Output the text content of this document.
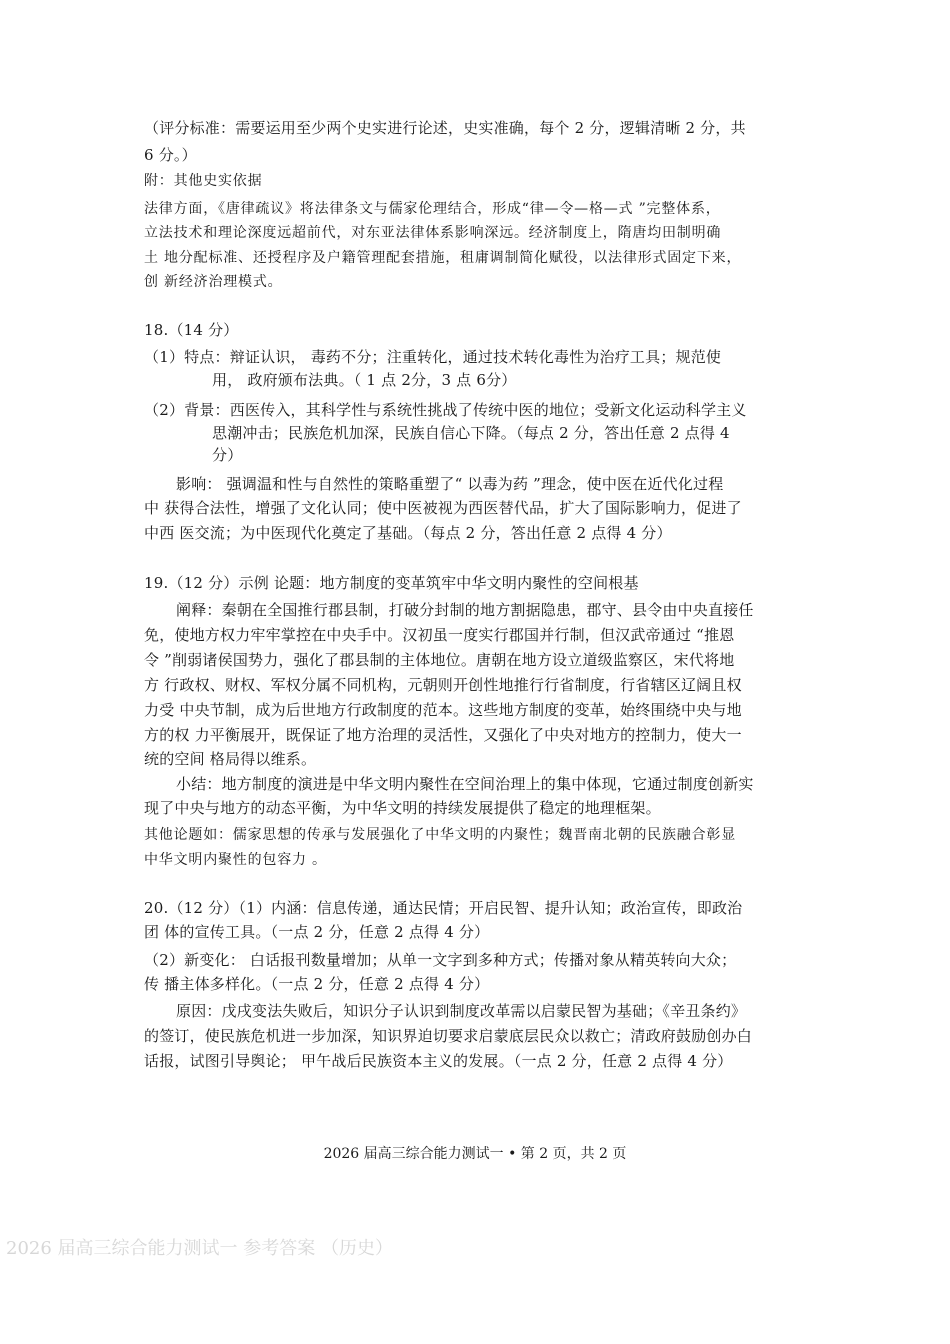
（评分标准：需要运用至少两个史实进行论述，史实准确，每个 2 分，逻辑清晰 2 分，共
6 分。）
附：其他史实依据
法律方面，《唐律疏议》将法律条文与儒家伦理结合，形成“律—令—格—式 ”完整体系，
立法技术和理论深度远超前代，对东亚法律体系影响深远。经济制度上，隋唐均田制明确
土 地分配标准、还授程序及户籍管理配套措施，租庸调制简化赋役，以法律形式固定下来，
创 新经济治理模式。
18.（14 分）
（1）特点：辩证认识， 毒药不分；注重转化，通过技术转化毒性为治疗工具；规范使
用， 政府颁布法典。（ 1 点 2分，3 点 6分）
（2）背景：西医传入，其科学性与系统性挑战了传统中医的地位；受新文化运动科学主义
思潮冲击；民族危机加深，民族自信心下降。（每点 2 分，答出任意 2 点得 4
分）
影响： 强调温和性与自然性的策略重塑了“ 以毒为药 ”理念，使中医在近代化过程
中 获得合法性，增强了文化认同；使中医被视为西医替代品，扩大了国际影响力，促进了
中西 医交流；为中医现代化奠定了基础。（每点 2 分，答出任意 2 点得 4 分）
19.（12 分）示例 论题：地方制度的变革筑牢中华文明内聚性的空间根基
阐释：秦朝在全国推行郡县制，打破分封制的地方割据隐患，郡守、县令由中央直接任
免，使地方权力牢牢掌控在中央手中。汉初虽一度实行郡国并行制，但汉武帝通过 “推恩
令 ”削弱诸侯国势力，强化了郡县制的主体地位。唐朝在地方设立道级监察区，宋代将地
方 行政权、财权、军权分属不同机构，元朝则开创性地推行行省制度，行省辖区辽阔且权
力受 中央节制，成为后世地方行政制度的范本。这些地方制度的变革，始终围绕中央与地
方的权 力平衡展开，既保证了地方治理的灵活性，又强化了中央对地方的控制力，使大一
统的空间 格局得以维系。
小结：地方制度的演进是中华文明内聚性在空间治理上的集中体现，它通过制度创新实
现了中央与地方的动态平衡，为中华文明的持续发展提供了稳定的地理框架。
其他论题如：儒家思想的传承与发展强化了中华文明的内聚性；魏晋南北朝的民族融合彰显
中华文明内聚性的包容力 。
20.（12 分）（1）内涵：信息传递，通达民情；开启民智、提升认知；政治宣传，即政治
团 体的宣传工具。（一点 2 分，任意 2 点得 4 分）
（2）新变化： 白话报刊数量增加；从单一文字到多种方式；传播对象从精英转向大众；
传 播主体多样化。（一点 2 分，任意 2 点得 4 分）
原因：戊戌变法失败后，知识分子认识到制度改革需以启蒙民智为基础；《辛丑条约》
的签订，使民族危机进一步加深，知识界迫切要求启蒙底层民众以救亡；清政府鼓励创办白
话报，试图引导舆论； 甲午战后民族资本主义的发展。（一点 2 分，任意 2 点得 4 分）
2026 届高三综合能力测试一 • 第 2 页，共 2 页
2026 届高三综合能力测试一 参考答案 （历史）
